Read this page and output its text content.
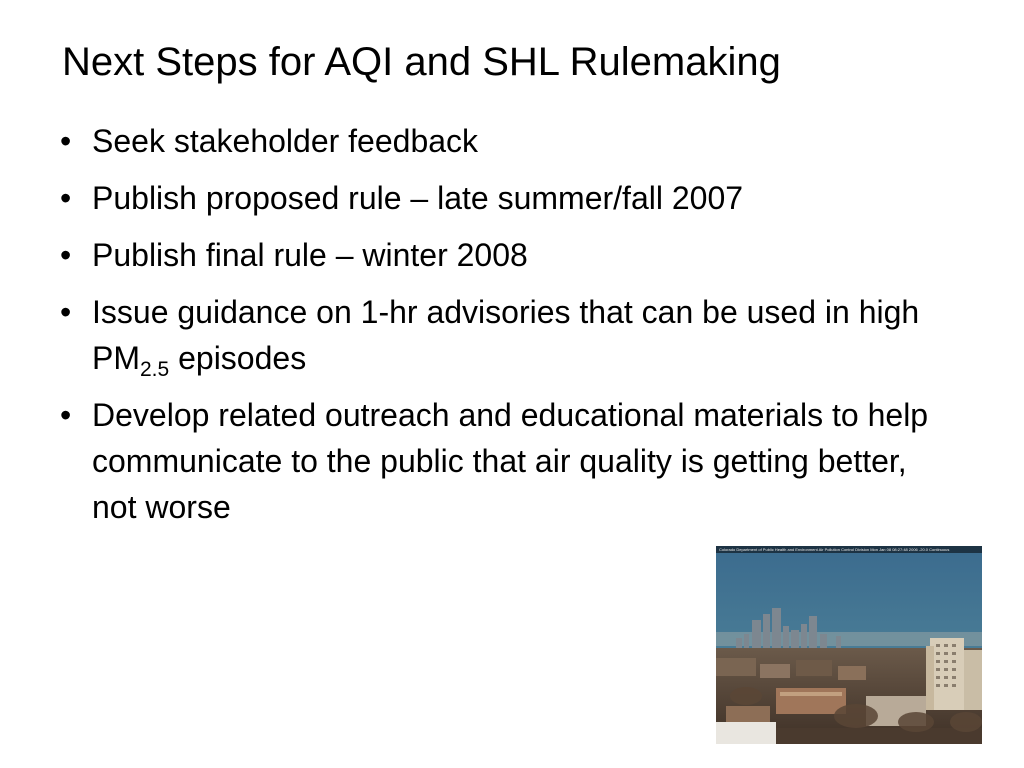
Next Steps for AQI and SHL Rulemaking
• Seek stakeholder feedback
• Publish proposed rule – late summer/fall 2007
• Publish final rule – winter 2008
• Issue guidance on 1-hr advisories that can be used in high $PM_{2.5}$ episodes
• Develop related outreach and educational materials to help communicate to the public that air quality is getting better, not worse
Colorado Department of Public Health and Environment Air Pollution Control Division Mon Jan 08 08:27:48 2006 -20.0 Continuous
